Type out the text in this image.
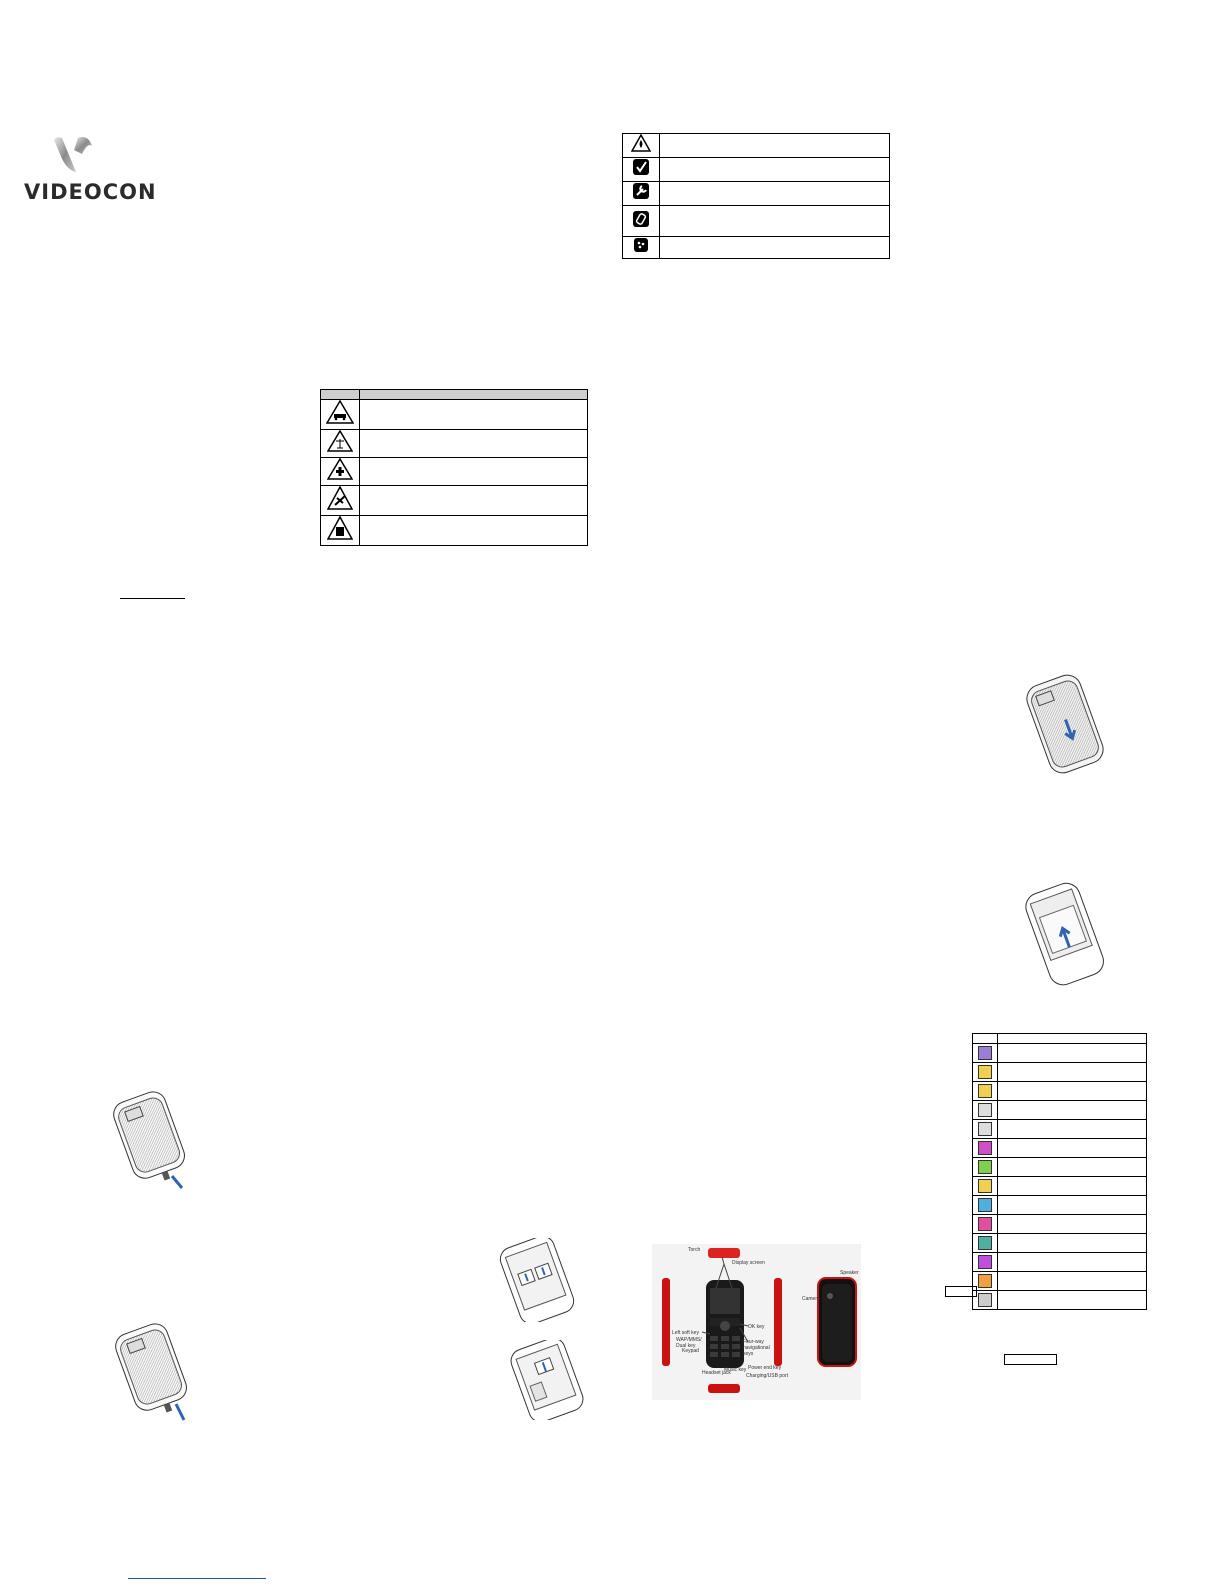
VIDEOCON

Torch
Display screen
Left soft key
WAP/MMS/ Dual key
Keypad
OK key
Four-way navigational keys
Music key Power end key
Charging/USB port
Headset jack
Speaker
Camera
